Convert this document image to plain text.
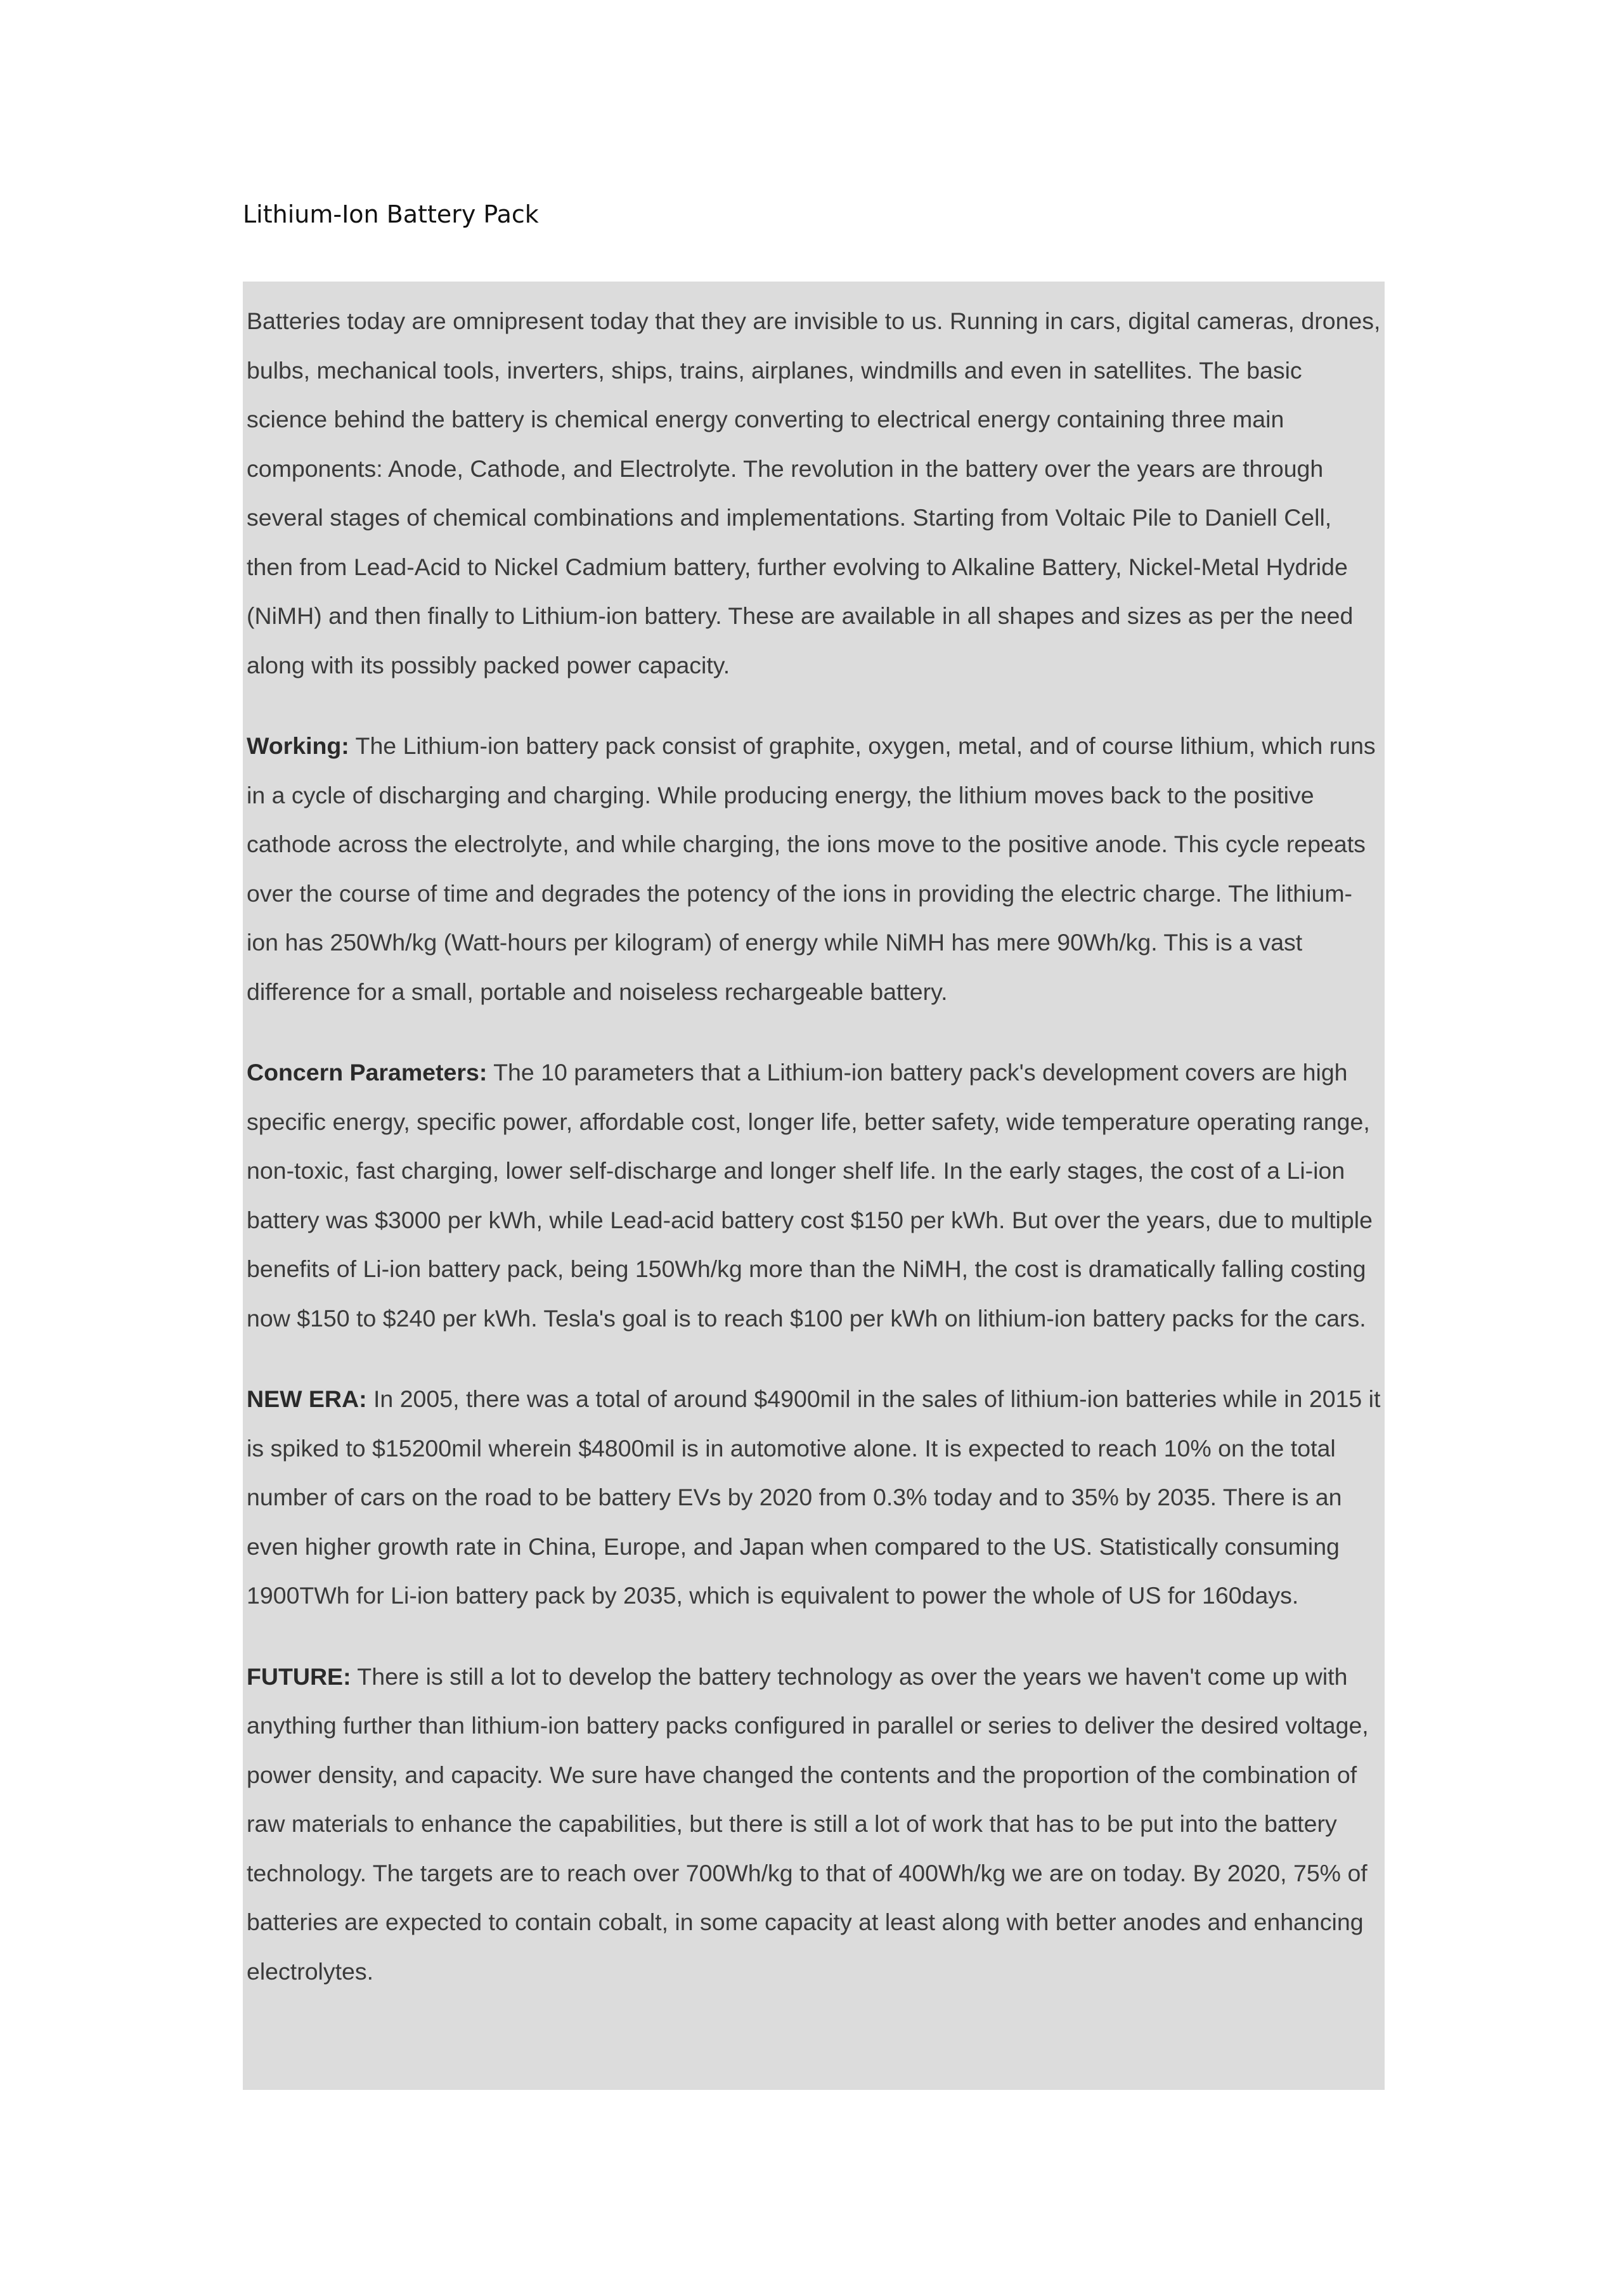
Lithium-Ion Battery Pack

Batteries today are omnipresent today that they are invisible to us. Running in cars, digital cameras, drones, bulbs, mechanical tools, inverters, ships, trains, airplanes, windmills and even in satellites. The basic science behind the battery is chemical energy converting to electrical energy containing three main components: Anode, Cathode, and Electrolyte. The revolution in the battery over the years are through several stages of chemical combinations and implementations. Starting from Voltaic Pile to Daniell Cell, then from Lead-Acid to Nickel Cadmium battery, further evolving to Alkaline Battery, Nickel-Metal Hydride (NiMH) and then finally to Lithium-ion battery. These are available in all shapes and sizes as per the need along with its possibly packed power capacity.

Working: The Lithium-ion battery pack consist of graphite, oxygen, metal, and of course lithium, which runs in a cycle of discharging and charging. While producing energy, the lithium moves back to the positive cathode across the electrolyte, and while charging, the ions move to the positive anode. This cycle repeats over the course of time and degrades the potency of the ions in providing the electric charge. The lithium-ion has 250Wh/kg (Watt-hours per kilogram) of energy while NiMH has mere 90Wh/kg. This is a vast difference for a small, portable and noiseless rechargeable battery.

Concern Parameters: The 10 parameters that a Lithium-ion battery pack's development covers are high specific energy, specific power, affordable cost, longer life, better safety, wide temperature operating range, non-toxic, fast charging, lower self-discharge and longer shelf life. In the early stages, the cost of a Li-ion battery was $3000 per kWh, while Lead-acid battery cost $150 per kWh. But over the years, due to multiple benefits of Li-ion battery pack, being 150Wh/kg more than the NiMH, the cost is dramatically falling costing now $150 to $240 per kWh. Tesla's goal is to reach $100 per kWh on lithium-ion battery packs for the cars.

NEW ERA: In 2005, there was a total of around $4900mil in the sales of lithium-ion batteries while in 2015 it is spiked to $15200mil wherein $4800mil is in automotive alone. It is expected to reach 10% on the total number of cars on the road to be battery EVs by 2020 from 0.3% today and to 35% by 2035. There is an even higher growth rate in China, Europe, and Japan when compared to the US. Statistically consuming 1900TWh for Li-ion battery pack by 2035, which is equivalent to power the whole of US for 160days.

FUTURE: There is still a lot to develop the battery technology as over the years we haven't come up with anything further than lithium-ion battery packs configured in parallel or series to deliver the desired voltage, power density, and capacity. We sure have changed the contents and the proportion of the combination of raw materials to enhance the capabilities, but there is still a lot of work that has to be put into the battery technology. The targets are to reach over 700Wh/kg to that of 400Wh/kg we are on today. By 2020, 75% of batteries are expected to contain cobalt, in some capacity at least along with better anodes and enhancing electrolytes.
